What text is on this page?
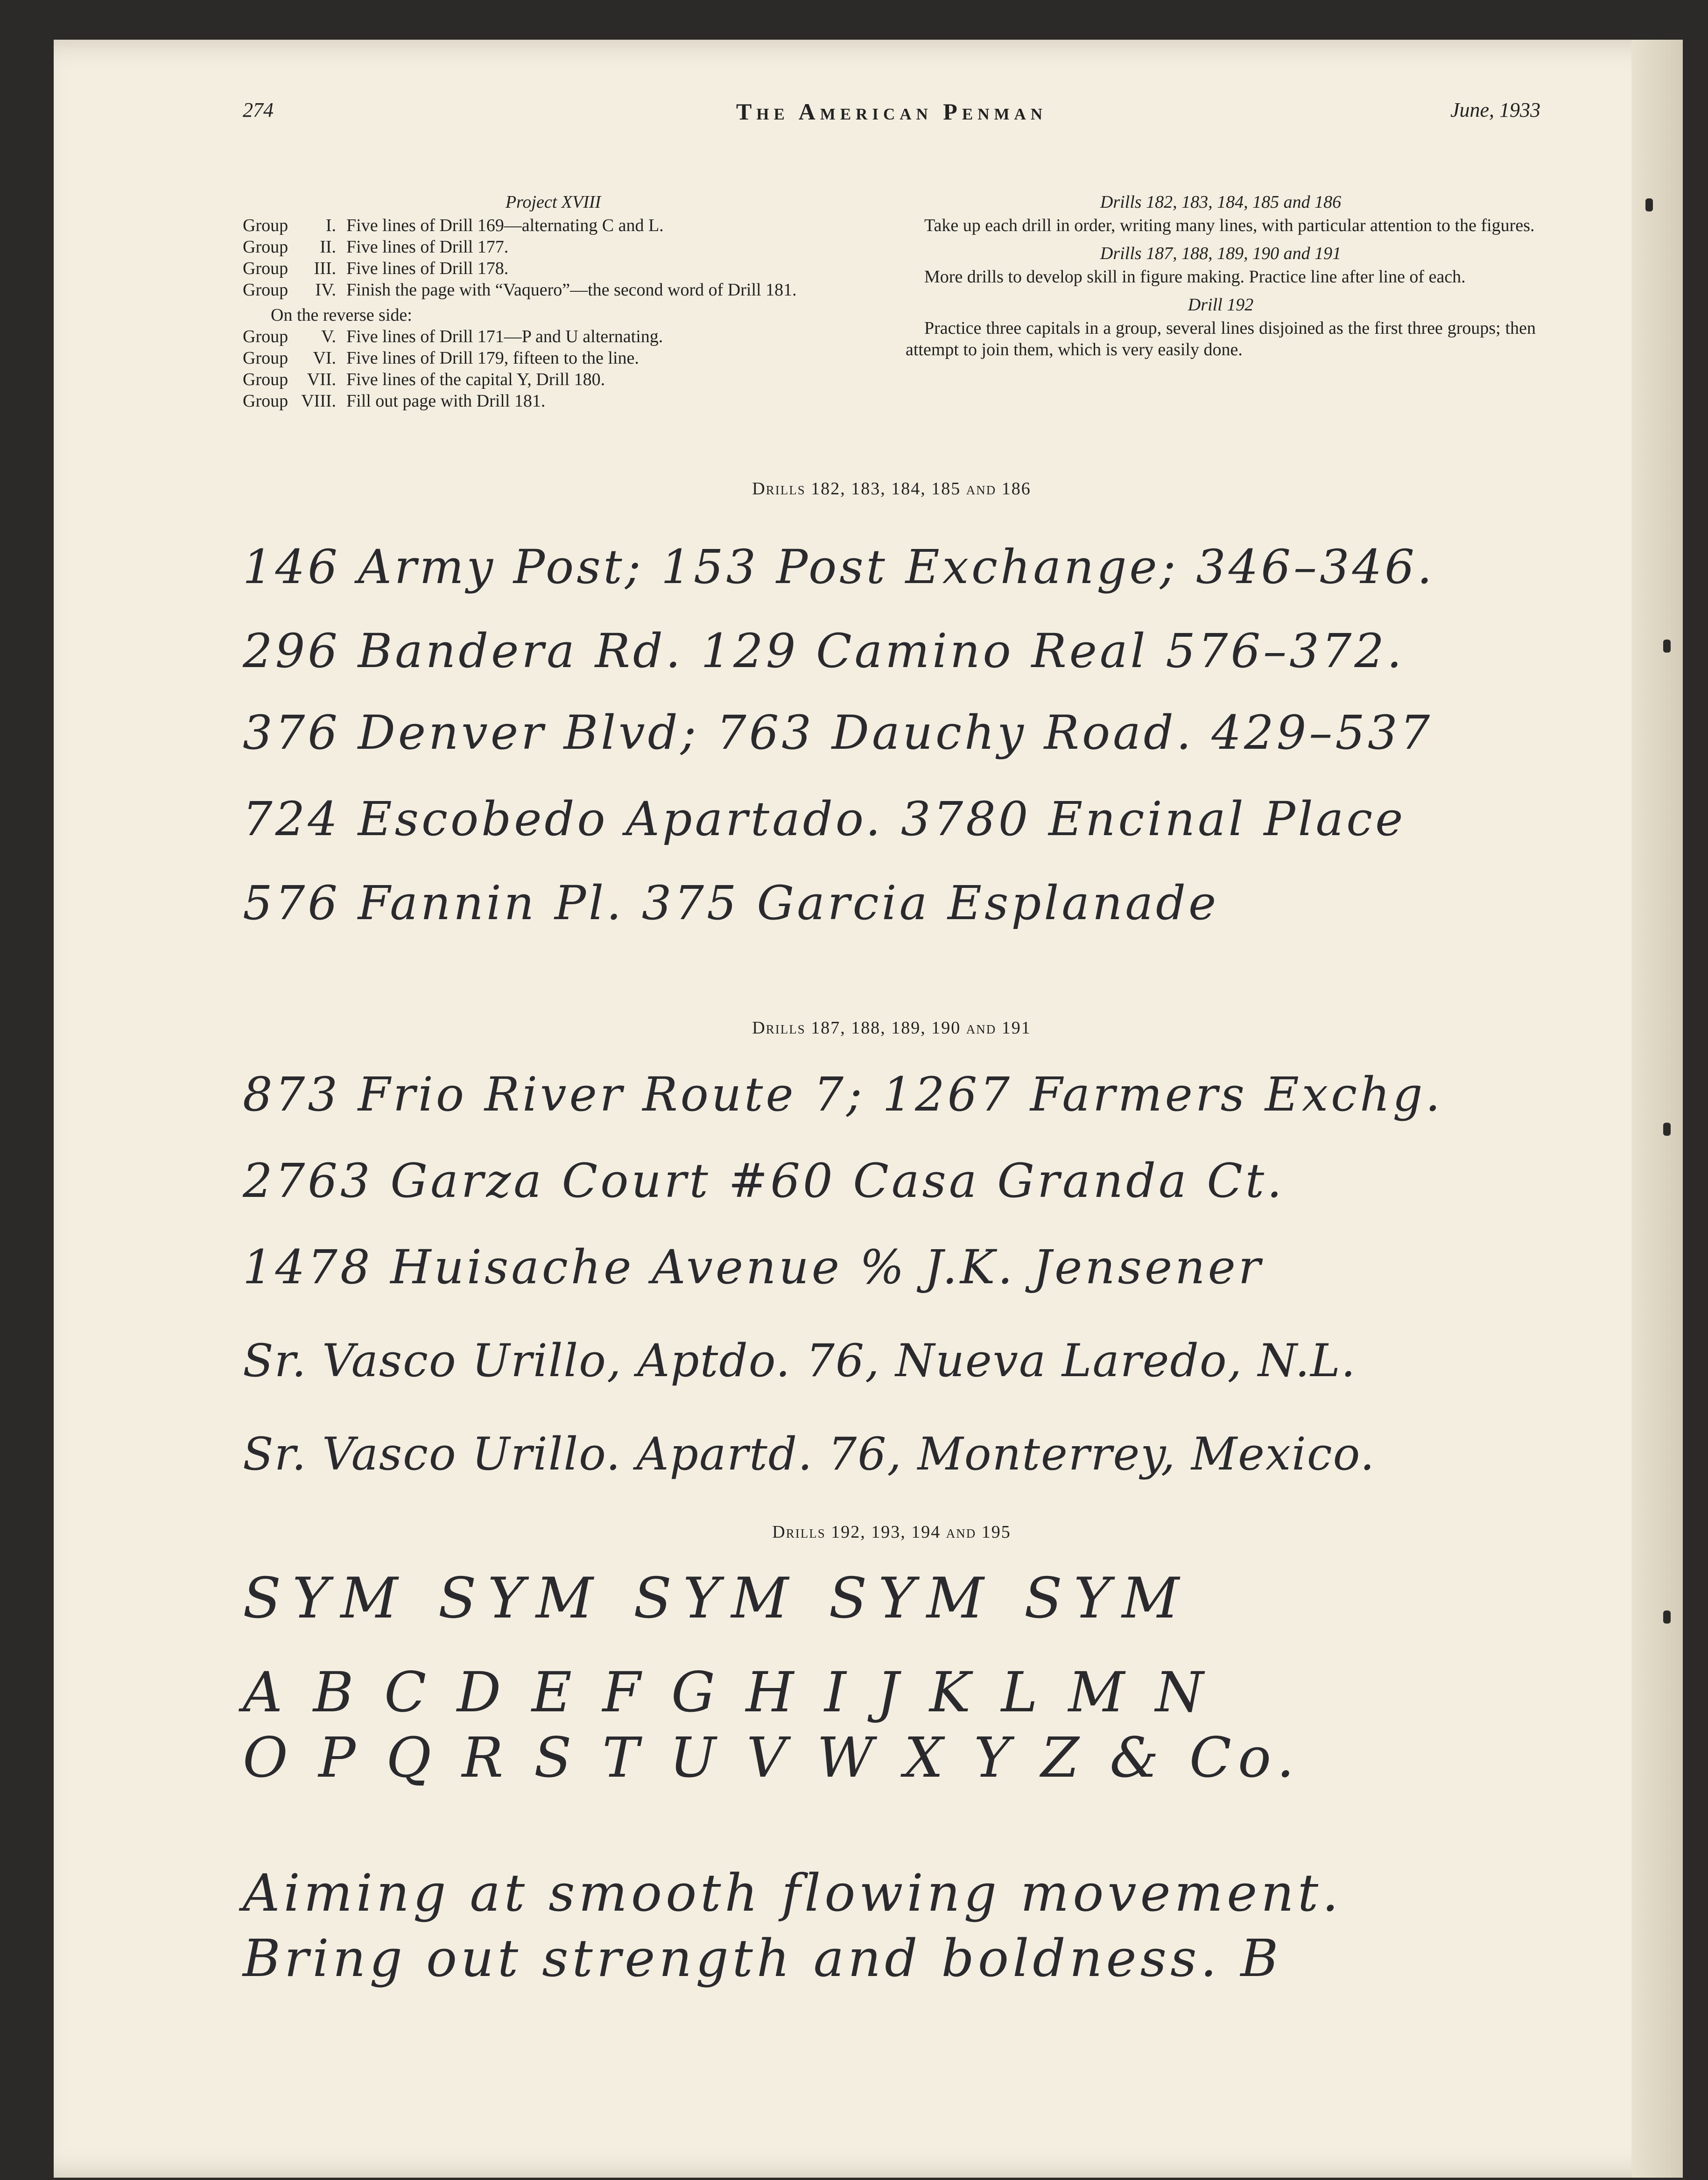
274	The American Penman	June, 1933
Project XVIII
Group	I. Five lines of Drill 169—alternating C and L.
Group	II. Five lines of Drill 177.
Group	III. Five lines of Drill 178.
Group	IV. Finish the page with “Vaquero”—the second word of Drill 181.
On the reverse side:
Group	V. Five lines of Drill 171—P and U alternating.
Group	VI. Five lines of Drill 179, fifteen to the line.
Group	VII. Five lines of the capital Y, Drill 180.
Group VIII. Fill out page with Drill 181.
Drills 182, 183, 184, 185 and 186
Take up each drill in order, writing many lines, with particular attention to the figures.
Drills 187, 188, 189, 190 and 191
More drills to develop skill in figure making. Practice line after line of each.
Drill 192
Practice three capitals in a group, several lines disjoined as the first three groups; then attempt to join them, which is very easily done.
Drills 182, 183, 184, 185 and 186
146 Army Post; 153 Post Exchange; 346–346.
296 Bandera Rd. 129 Camino Real 576–372.
376 Denver Blvd; 763 Dauchy Road. 429–537
724 Escobedo Apartado. 3780 Encinal Place
576 Fannin Pl. 375 Garcia Esplanade
Drills 187, 188, 189, 190 and 191
873 Frio River Route 7; 1267 Farmers Exchg.
2763 Garza Court #60 Casa Granda Ct.
1478 Huisache Avenue % J.K. Jensener
Sr. Vasco Urillo, Aptdo. 76, Nueva Laredo, N.L.
Sr. Vasco Urillo. Apartd. 76, Monterrey, Mexico.
Drills 192, 193, 194 and 195
SYM SYM SYM SYM SYM
A B C D E F G H I J K L M N
O P Q R S T U V W X Y Z & Co.
Aiming at smooth flowing movement.
Bring out strength and boldness. B
